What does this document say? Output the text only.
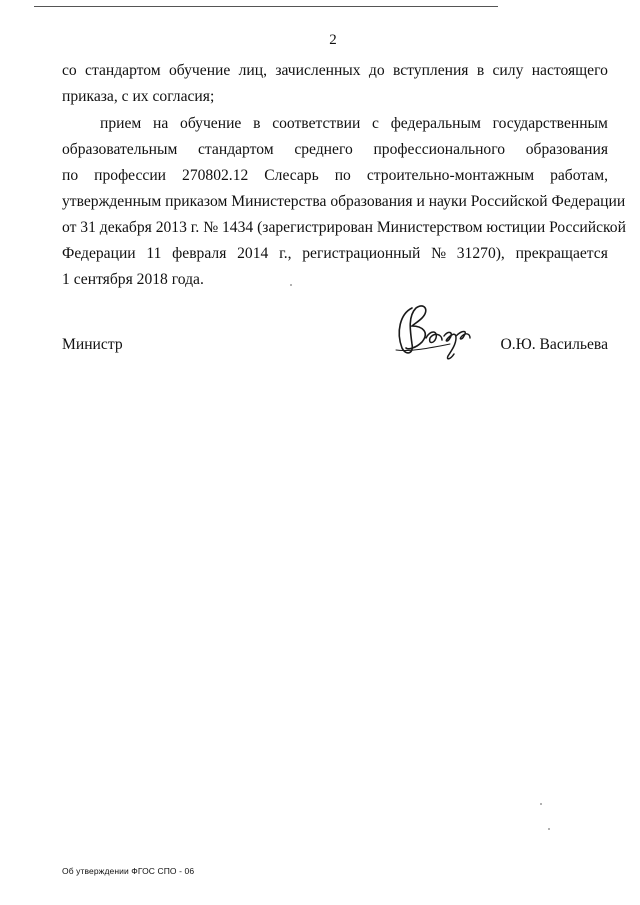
2
со стандартом обучение лиц, зачисленных до вступления в силу настоящего
приказа, с их согласия;
прием на обучение в соответствии с федеральным государственным
образовательным стандартом среднего профессионального образования
по профессии 270802.12 Слесарь по строительно-монтажным работам,
утвержденным приказом Министерства образования и науки Российской Федерации
от 31 декабря 2013 г. № 1434 (зарегистрирован Министерством юстиции Российской
Федерации 11 февраля 2014 г., регистрационный № 31270), прекращается
1 сентября 2018 года.
Министр	О.Ю. Васильева
Об утверждении ФГОС СПО - 06
